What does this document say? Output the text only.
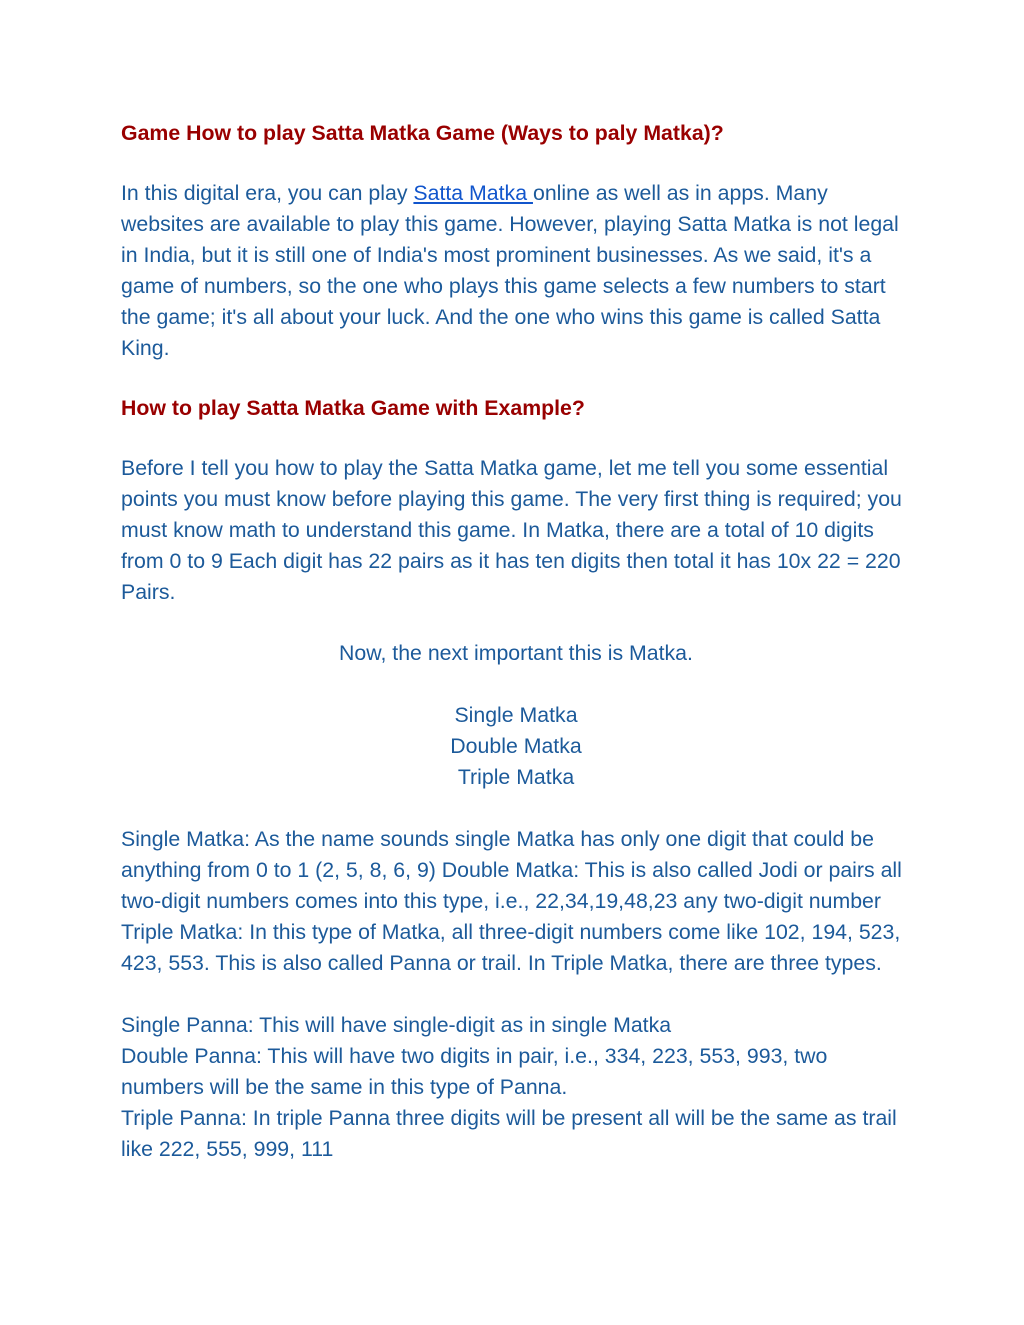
Game How to play Satta Matka Game (Ways to paly Matka)?

In this digital era, you can play Satta Matka online as well as in apps. Many websites are available to play this game. However, playing Satta Matka is not legal in India, but it is still one of India's most prominent businesses. As we said, it's a game of numbers, so the one who plays this game selects a few numbers to start the game; it's all about your luck. And the one who wins this game is called Satta King.

How to play Satta Matka Game with Example?

Before I tell you how to play the Satta Matka game, let me tell you some essential points you must know before playing this game. The very first thing is required; you must know math to understand this game. In Matka, there are a total of 10 digits from 0 to 9 Each digit has 22 pairs as it has ten digits then total it has 10x 22 = 220 Pairs.

Now, the next important this is Matka.

Single Matka

Double Matka

Triple Matka

Single Matka: As the name sounds single Matka has only one digit that could be anything from 0 to 1 (2, 5, 8, 6, 9) Double Matka: This is also called Jodi or pairs all two-digit numbers comes into this type, i.e., 22,34,19,48,23 any two-digit number Triple Matka: In this type of Matka, all three-digit numbers come like 102, 194, 523, 423, 553. This is also called Panna or trail. In Triple Matka, there are three types.

Single Panna: This will have single-digit as in single Matka

Double Panna: This will have two digits in pair, i.e., 334, 223, 553, 993, two numbers will be the same in this type of Panna.

Triple Panna: In triple Panna three digits will be present all will be the same as trail like 222, 555, 999, 111
